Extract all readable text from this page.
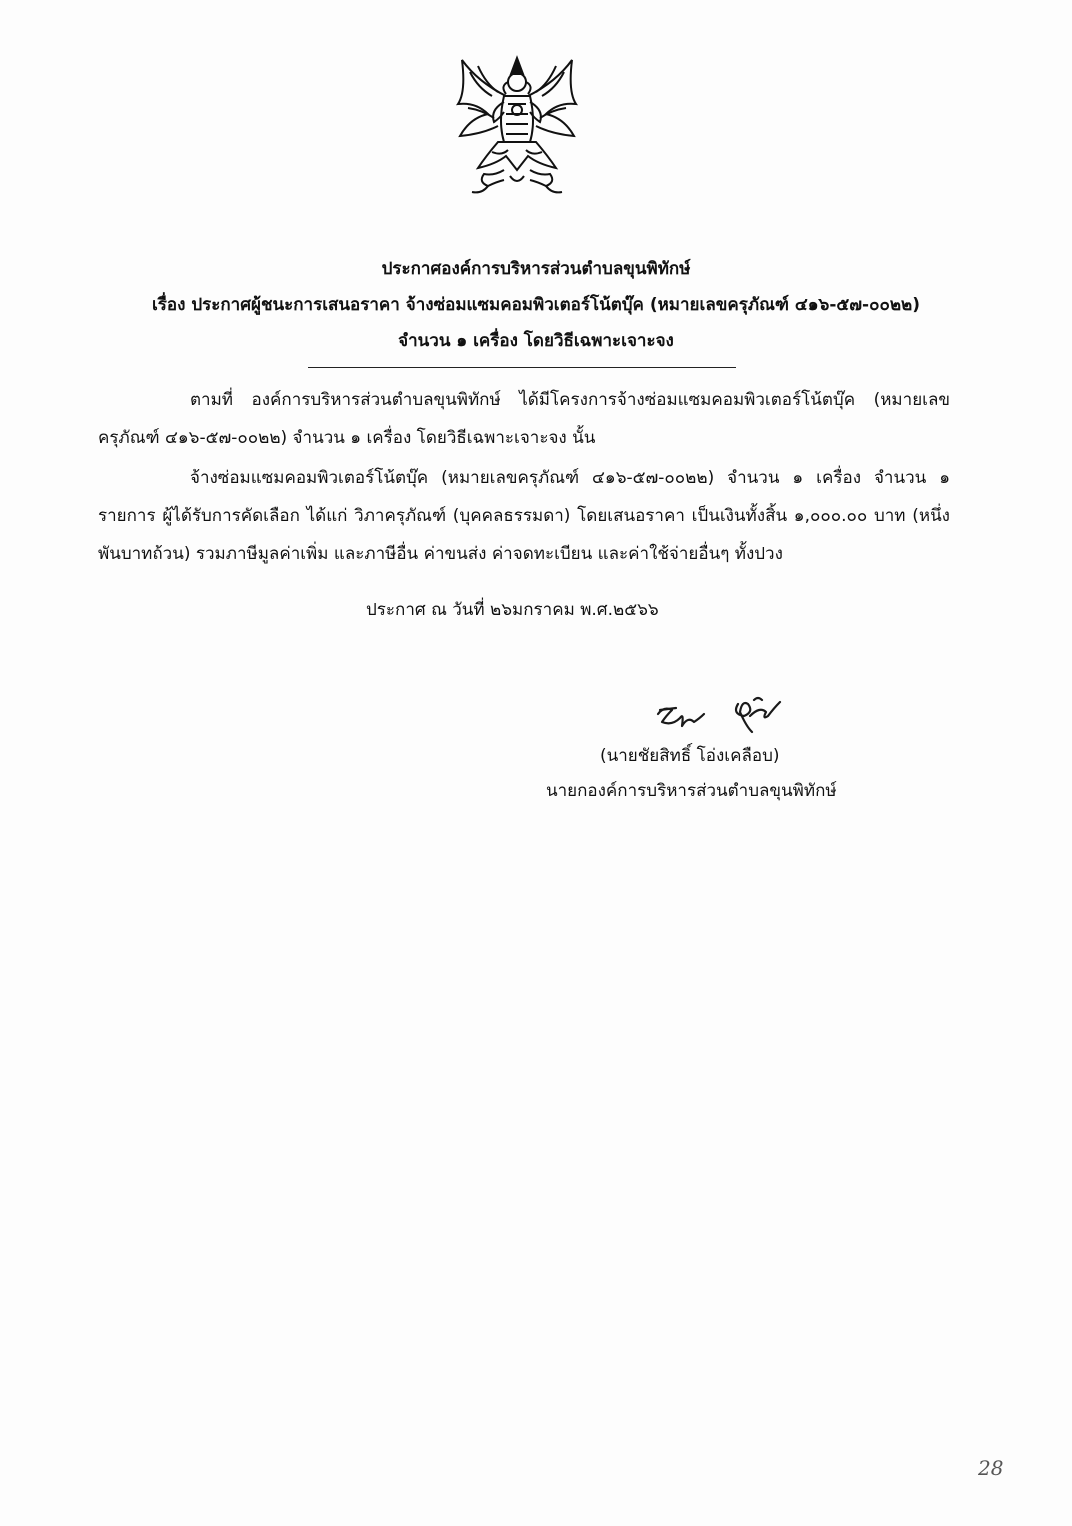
ประกาศองค์การบริหารส่วนตำบลขุนพิทักษ์
เรื่อง ประกาศผู้ชนะการเสนอราคา จ้างซ่อมแซมคอมพิวเตอร์โน้ตบุ๊ค (หมายเลขครุภัณฑ์ ๔๑๖-๕๗-๐๐๒๒)
จำนวน ๑ เครื่อง โดยวิธีเฉพาะเจาะจง

ตามที่ องค์การบริหารส่วนตำบลขุนพิทักษ์ ได้มีโครงการจ้างซ่อมแซมคอมพิวเตอร์โน้ตบุ๊ค (หมายเลขครุภัณฑ์ ๔๑๖-๕๗-๐๐๒๒) จำนวน ๑ เครื่อง โดยวิธีเฉพาะเจาะจง นั้น

จ้างซ่อมแซมคอมพิวเตอร์โน้ตบุ๊ค (หมายเลขครุภัณฑ์ ๔๑๖-๕๗-๐๐๒๒) จำนวน ๑ เครื่อง จำนวน ๑ รายการ ผู้ได้รับการคัดเลือก ได้แก่ วิภาครุภัณฑ์ (บุคคลธรรมดา) โดยเสนอราคา เป็นเงินทั้งสิ้น ๑,๐๐๐.๐๐ บาท (หนึ่งพันบาทถ้วน) รวมภาษีมูลค่าเพิ่ม และภาษีอื่น ค่าขนส่ง ค่าจดทะเบียน และค่าใช้จ่ายอื่นๆ ทั้งปวง

ประกาศ ณ วันที่ ๒๖มกราคม พ.ศ.๒๕๖๖
(นายชัยสิทธิ์ โอ่งเคลือบ)
นายกองค์การบริหารส่วนตำบลขุนพิทักษ์
28
